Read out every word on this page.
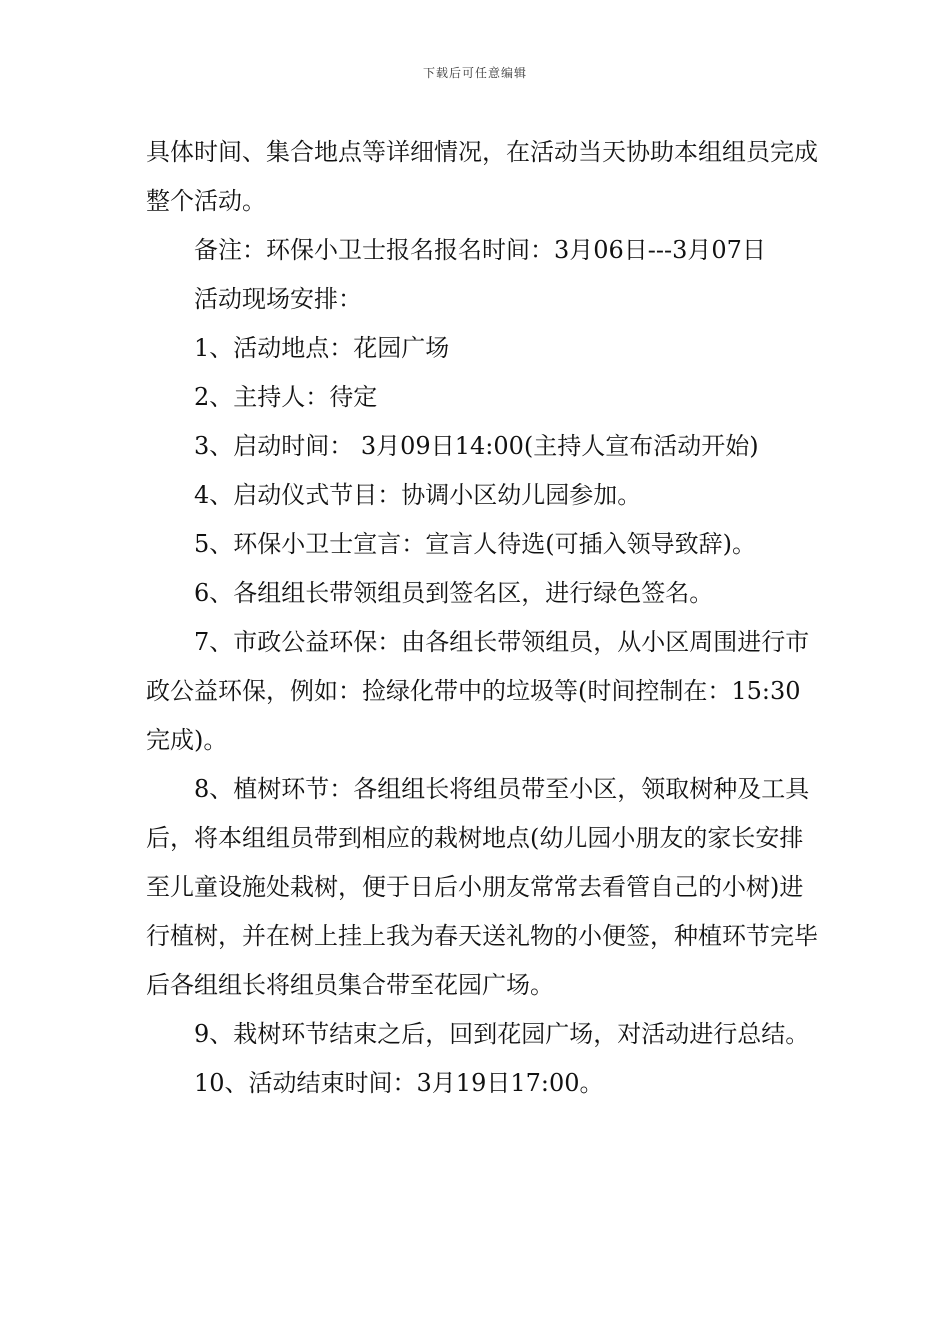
下载后可任意编辑

具体时间、集合地点等详细情况，在活动当天协助本组组员完成整个活动。

备注：环保小卫士报名报名时间：3月06日---3月07日

活动现场安排：

1、活动地点：花园广场

2、主持人：待定

3、启动时间： 3月09日14:00(主持人宣布活动开始)

4、启动仪式节目：协调小区幼儿园参加。

5、环保小卫士宣言：宣言人待选(可插入领导致辞)。

6、各组组长带领组员到签名区，进行绿色签名。

7、市政公益环保：由各组长带领组员，从小区周围进行市政公益环保，例如：捡绿化带中的垃圾等(时间控制在：15:30完成)。

8、植树环节：各组组长将组员带至小区，领取树种及工具后，将本组组员带到相应的栽树地点(幼儿园小朋友的家长安排至儿童设施处栽树，便于日后小朋友常常去看管自己的小树)进行植树，并在树上挂上我为春天送礼物的小便签，种植环节完毕后各组组长将组员集合带至花园广场。

9、栽树环节结束之后，回到花园广场，对活动进行总结。

10、活动结束时间：3月19日17:00。
